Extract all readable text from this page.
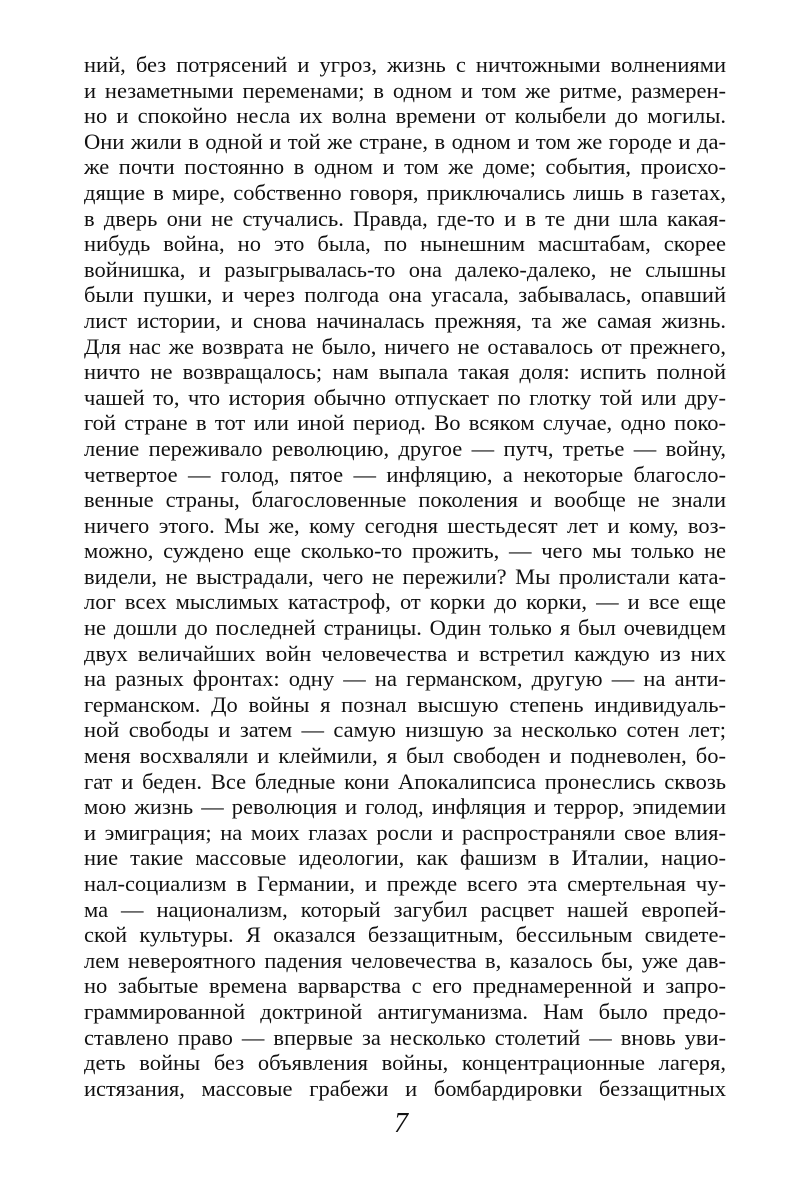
ний, без потрясений и угроз, жизнь с ничтожными волнениями
и незаметными переменами; в одном и том же ритме, размерен-
но и спокойно несла их волна времени от колыбели до могилы.
Они жили в одной и той же стране, в одном и том же городе и да-
же почти постоянно в одном и том же доме; события, происхо-
дящие в мире, собственно говоря, приключались лишь в газетах,
в дверь они не стучались. Правда, где-то и в те дни шла какая-
нибудь война, но это была, по нынешним масштабам, скорее
войнишка, и разыгрывалась-то она далеко-далеко, не слышны
были пушки, и через полгода она угасала, забывалась, опавший
лист истории, и снова начиналась прежняя, та же самая жизнь.
Для нас же возврата не было, ничего не оставалось от прежнего,
ничто не возвращалось; нам выпала такая доля: испить полной
чашей то, что история обычно отпускает по глотку той или дру-
гой стране в тот или иной период. Во всяком случае, одно поко-
ление переживало революцию, другое — путч, третье — войну,
четвертое — голод, пятое — инфляцию, а некоторые благосло-
венные страны, благословенные поколения и вообще не знали
ничего этого. Мы же, кому сегодня шестьдесят лет и кому, воз-
можно, суждено еще сколько-то прожить, — чего мы только не
видели, не выстрадали, чего не пережили? Мы пролистали ката-
лог всех мыслимых катастроф, от корки до корки, — и все еще
не дошли до последней страницы. Один только я был очевидцем
двух величайших войн человечества и встретил каждую из них
на разных фронтах: одну — на германском, другую — на анти-
германском. До войны я познал высшую степень индивидуаль-
ной свободы и затем — самую низшую за несколько сотен лет;
меня восхваляли и клеймили, я был свободен и подневолен, бо-
гат и беден. Все бледные кони Апокалипсиса пронеслись сквозь
мою жизнь — революция и голод, инфляция и террор, эпидемии
и эмиграция; на моих глазах росли и распространяли свое влия-
ние такие массовые идеологии, как фашизм в Италии, нацио-
нал-социализм в Германии, и прежде всего эта смертельная чу-
ма — национализм, который загубил расцвет нашей европей-
ской культуры. Я оказался беззащитным, бессильным свидете-
лем невероятного падения человечества в, казалось бы, уже дав-
но забытые времена варварства с его преднамеренной и запро-
граммированной доктриной антигуманизма. Нам было предо-
ставлено право — впервые за несколько столетий — вновь уви-
деть войны без объявления войны, концентрационные лагеря,
истязания, массовые грабежи и бомбардировки беззащитных
7
